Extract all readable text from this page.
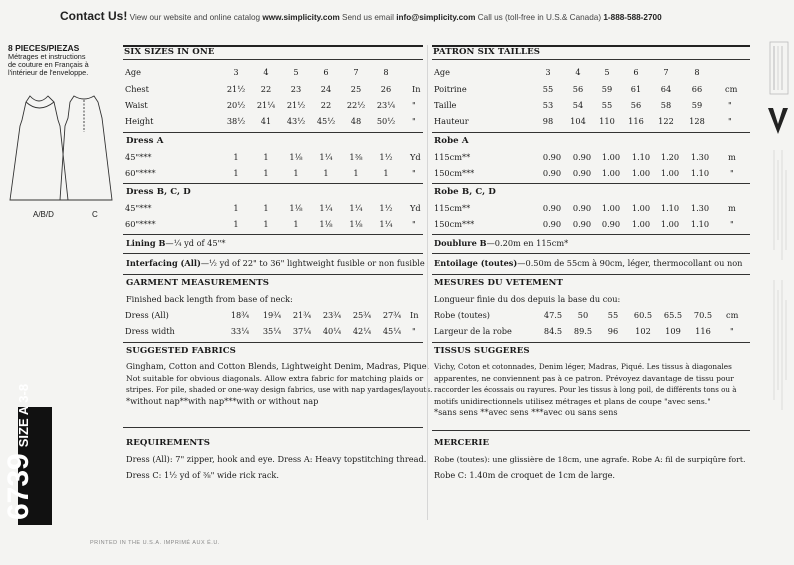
Contact Us! View our website and online catalog www.simplicity.com Send us email info@simplicity.com Call us (toll-free in U.S.& Canada) 1-888-588-2700
8 PIECES/PIEZAS
Métrages et instructions
de couture en Français à
l'intérieur de l'enveloppe.
A/B/D	C
6739SIZE A 3-8
PRINTED IN THE U.S.A. IMPRIMÉ AUX É.U.
SIX SIZES IN ONE
Age	3	4	5	6	7	8
Chest	21½	22	23	24	25	26	In
Waist	20½	21¼	21½	22	22½	23¼	"
Height	38½	41	43½	45½	48	50½	"
Dress A
45"***	1	1	1⅛	1¼	1⅜	1½	Yd
60"****	1	1	1	1	1	1	"
Dress B, C, D
45"***	1	1	1⅛	1¼	1¼	1½	Yd
60"****	1	1	1	1⅛	1⅛	1¼	"
Lining B—¼ yd of 45"*
Interfacing (All)—½ yd of 22" to 36" lightweight fusible or non fusible
GARMENT MEASUREMENTS
Finished back length from base of neck:
Dress (All)	18¾	19¾	21¾	23¾	25¾	27¾	In
Dress width	33¼	35¼	37¼	40¼	42¼	45¼	"
SUGGESTED FABRICS
Gingham, Cotton and Cotton Blends, Lightweight Denim, Madras, Pique.
Not suitable for obvious diagonals. Allow extra fabric for matching plaids or
stripes. For pile, shaded or one-way design fabrics, use with nap yardages/layouts.
*without nap**with nap***with or without nap
REQUIREMENTS
Dress (All): 7" zipper, hook and eye. Dress A: Heavy topstitching thread.
Dress C: 1½ yd of ⅜" wide rick rack.
PATRON SIX TAILLES
Age	3	4	5	6	7	8
Poitrine	55	56	59	61	64	66	cm
Taille	53	54	55	56	58	59	"
Hauteur	98	104	110	116	122	128	"
Robe A
115cm**	0.90	0.90	1.00	1.10	1.20	1.30	m
150cm***	0.90	0.90	1.00	1.00	1.00	1.10	"
Robe B, C, D
115cm**	0.90	0.90	1.00	1.00	1.10	1.30	m
150cm***	0.90	0.90	0.90	1.00	1.00	1.10	"
Doublure B—0.20m en 115cm*
Entoilage (toutes)—0.50m de 55cm à 90cm, léger, thermocollant ou non
MESURES DU VETEMENT
Longueur finie du dos depuis la base du cou:
Robe (toutes)	47.5	50	55	60.5	65.5	70.5	cm
Largeur de la robe	84.5	89.5	96	102	109	116	"
TISSUS SUGGERES
Vichy, Coton et cotonnades, Denim léger, Madras, Piqué. Les tissus à diagonales
apparentes, ne conviennent pas à ce patron. Prévoyez davantage de tissu pour
raccorder les écossais ou rayures. Pour les tissus à long poil, de différents tons ou à
motifs unidirectionnels utilisez métrages et plans de coupe "avec sens."
*sans sens **avec sens ***avec ou sans sens
MERCERIE
Robe (toutes): une glissière de 18cm, une agrafe. Robe A: fil de surpiqûre fort.
Robe C: 1.40m de croquet de 1cm de large.
